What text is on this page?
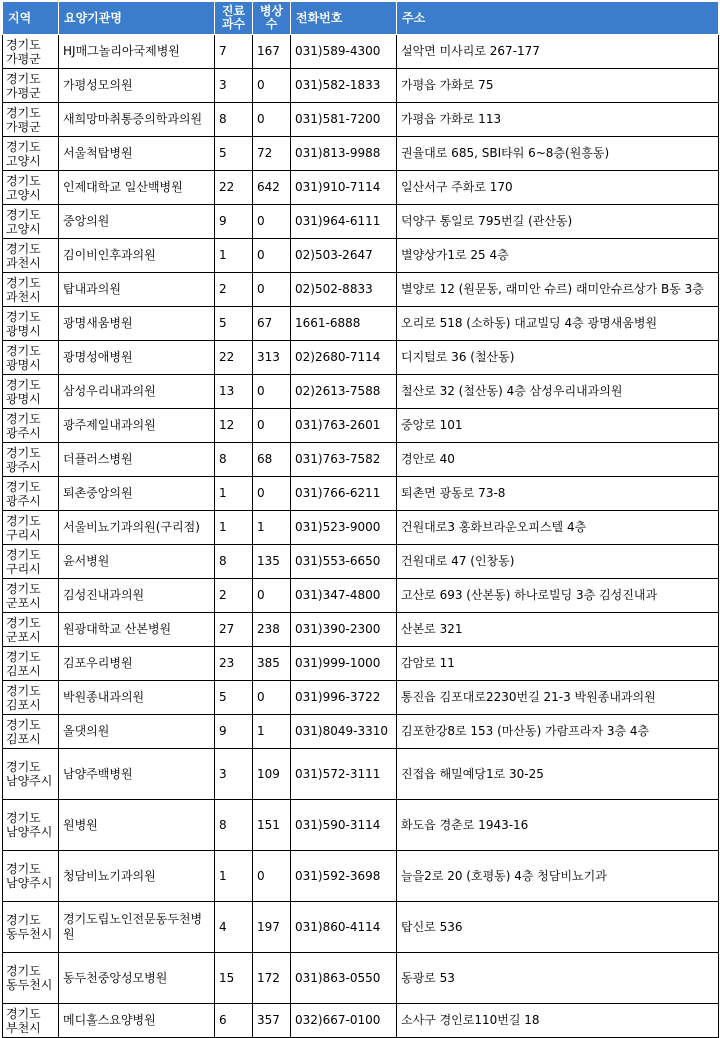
지역	요양기관명	진료과수	병상수	전화번호	주소
경기도 가평군	HJ매그놀리아국제병원	7	167	031)589-4300	설악면 미사리로 267-177
경기도 가평군	가평성모의원	3	0	031)582-1833	가평읍 가화로 75
경기도 가평군	새희망마취통증의학과의원	8	0	031)581-7200	가평읍 가화로 113
경기도 고양시	서울척탑병원	5	72	031)813-9988	권율대로 685, SBI타워 6~8층(원흥동)
경기도 고양시	인제대학교 일산백병원	22	642	031)910-7114	일산서구 주화로 170
경기도 고양시	중앙의원	9	0	031)964-6111	덕양구 통일로 795번길 (관산동)
경기도 과천시	김이비인후과의원	1	0	02)503-2647	별양상가1로 25 4층
경기도 과천시	탑내과의원	2	0	02)502-8833	별양로 12 (원문동, 래미안 슈르) 래미안슈르상가 B동 3층
경기도 광명시	광명새움병원	5	67	1661-6888	오리로 518 (소하동) 대교빌딩 4층 광명새움병원
경기도 광명시	광명성애병원	22	313	02)2680-7114	디지털로 36 (철산동)
경기도 광명시	삼성우리내과의원	13	0	02)2613-7588	철산로 32 (철산동) 4층 삼성우리내과의원
경기도 광주시	광주제일내과의원	12	0	031)763-2601	중앙로 101
경기도 광주시	더플러스병원	8	68	031)763-7582	경안로 40
경기도 광주시	퇴촌중앙의원	1	0	031)766-6211	퇴촌면 광동로 73-8
경기도 구리시	서울비뇨기과의원(구리점)	1	1	031)523-9000	건원대로3 홍화브라운오피스텔 4층
경기도 구리시	윤서병원	8	135	031)553-6650	건원대로 47 (인창동)
경기도 군포시	김성진내과의원	2	0	031)347-4800	고산로 693 (산본동) 하나로빌딩 3층 김성진내과
경기도 군포시	원광대학교 산본병원	27	238	031)390-2300	산본로 321
경기도 김포시	김포우리병원	23	385	031)999-1000	감암로 11
경기도 김포시	박원종내과의원	5	0	031)996-3722	통진읍 김포대로2230번길 21-3 박원종내과의원
경기도 김포시	올댓의원	9	1	031)8049-3310	김포한강8로 153 (마산동) 가람프라자 3층 4층
경기도 남양주시	남양주백병원	3	109	031)572-3111	진접읍 해밀예당1로 30-25
경기도 남양주시	원병원	8	151	031)590-3114	화도읍 경춘로 1943-16
경기도 남양주시	청담비뇨기과의원	1	0	031)592-3698	늘을2로 20 (호평동) 4층 청담비뇨기과
경기도 동두천시	경기도립노인전문동두천병원	4	197	031)860-4114	탑신로 536
경기도 동두천시	동두천중앙성모병원	15	172	031)863-0550	동광로 53
경기도 부천시	메디홀스요양병원	6	357	032)667-0100	소사구 경인로110번길 18
